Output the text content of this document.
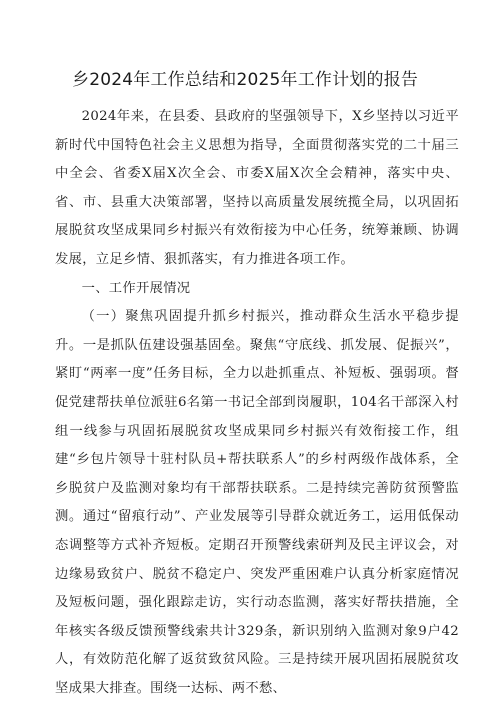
乡2024年工作总结和2025年工作计划的报告

2024年来，在县委、县政府的坚强领导下，X乡坚持以习近平新时代中国特色社会主义思想为指导，全面贯彻落实党的二十届三中全会、省委X届X次全会、市委X届X次全会精神，落实中央、省、市、县重大决策部署，坚持以高质量发展统揽全局，以巩固拓展脱贫攻坚成果同乡村振兴有效衔接为中心任务，统筹兼顾、协调发展，立足乡情、狠抓落实，有力推进各项工作。

一、工作开展情况

（一）聚焦巩固提升抓乡村振兴，推动群众生活水平稳步提升。一是抓队伍建设强基固垒。聚焦“守底线、抓发展、促振兴”，紧盯“两率一度”任务目标，全力以赴抓重点、补短板、强弱项。督促党建帮扶单位派驻6名第一书记全部到岗履职，104名干部深入村组一线参与巩固拓展脱贫攻坚成果同乡村振兴有效衔接工作，组建“乡包片领导十驻村队员+帮扶联系人”的乡村两级作战体系，全乡脱贫户及监测对象均有干部帮扶联系。二是持续完善防贫预警监测。通过“留痕行动”、产业发展等引导群众就近务工，运用低保动态调整等方式补齐短板。定期召开预警线索研判及民主评议会，对边缘易致贫户、脱贫不稳定户、突发严重困难户认真分析家庭情况及短板问题，强化跟踪走访，实行动态监测，落实好帮扶措施，全年核实各级反馈预警线索共计329条，新识别纳入监测对象9户42人，有效防范化解了返贫致贫风险。三是持续开展巩固拓展脱贫攻坚成果大排查。围绕一达标、两不愁、
